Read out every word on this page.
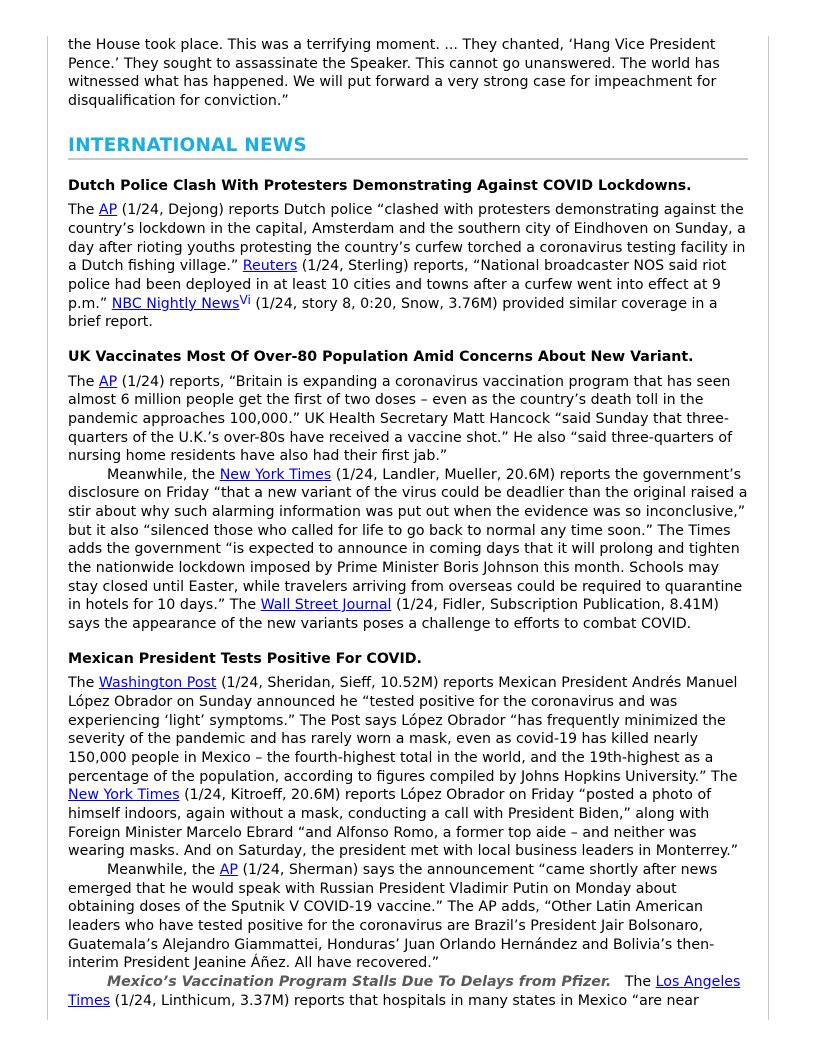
the House took place. This was a terrifying moment. ... They chanted, ‘Hang Vice President Pence.’ They sought to assassinate the Speaker. This cannot go unanswered. The world has witnessed what has happened. We will put forward a very strong case for impeachment for disqualification for conviction.”

INTERNATIONAL NEWS
Dutch Police Clash With Protesters Demonstrating Against COVID Lockdowns.

The AP (1/24, Dejong) reports Dutch police “clashed with protesters demonstrating against the country’s lockdown in the capital, Amsterdam and the southern city of Eindhoven on Sunday, a day after rioting youths protesting the country’s curfew torched a coronavirus testing facility in a Dutch fishing village.” Reuters (1/24, Sterling) reports, “National broadcaster NOS said riot police had been deployed in at least 10 cities and towns after a curfew went into effect at 9 p.m.” NBC Nightly News$^{Vi}$ (1/24, story 8, 0:20, Snow, 3.76M) provided similar coverage in a brief report.

UK Vaccinates Most Of Over-80 Population Amid Concerns About New Variant.

The AP (1/24) reports, “Britain is expanding a coronavirus vaccination program that has seen almost 6 million people get the first of two doses – even as the country’s death toll in the pandemic approaches 100,000.” UK Health Secretary Matt Hancock “said Sunday that three-quarters of the U.K.’s over-80s have received a vaccine shot.” He also “said three-quarters of nursing home residents have also had their first jab.”

Meanwhile, the New York Times (1/24, Landler, Mueller, 20.6M) reports the government’s disclosure on Friday “that a new variant of the virus could be deadlier than the original raised a stir about why such alarming information was put out when the evidence was so inconclusive,” but it also “silenced those who called for life to go back to normal any time soon.” The Times adds the government “is expected to announce in coming days that it will prolong and tighten the nationwide lockdown imposed by Prime Minister Boris Johnson this month. Schools may stay closed until Easter, while travelers arriving from overseas could be required to quarantine in hotels for 10 days.” The Wall Street Journal (1/24, Fidler, Subscription Publication, 8.41M) says the appearance of the new variants poses a challenge to efforts to combat COVID.

Mexican President Tests Positive For COVID.

The Washington Post (1/24, Sheridan, Sieff, 10.52M) reports Mexican President Andrés Manuel López Obrador on Sunday announced he “tested positive for the coronavirus and was experiencing ‘light’ symptoms.” The Post says López Obrador “has frequently minimized the severity of the pandemic and has rarely worn a mask, even as covid-19 has killed nearly 150,000 people in Mexico – the fourth-highest total in the world, and the 19th-highest as a percentage of the population, according to figures compiled by Johns Hopkins University.” The New York Times (1/24, Kitroeff, 20.6M) reports López Obrador on Friday “posted a photo of himself indoors, again without a mask, conducting a call with President Biden,” along with Foreign Minister Marcelo Ebrard “and Alfonso Romo, a former top aide – and neither was wearing masks. And on Saturday, the president met with local business leaders in Monterrey.”

Meanwhile, the AP (1/24, Sherman) says the announcement “came shortly after news emerged that he would speak with Russian President Vladimir Putin on Monday about obtaining doses of the Sputnik V COVID-19 vaccine.” The AP adds, “Other Latin American leaders who have tested positive for the coronavirus are Brazil’s President Jair Bolsonaro, Guatemala’s Alejandro Giammattei, Honduras’ Juan Orlando Hernández and Bolivia’s then-interim President Jeanine Áñez. All have recovered.”

Mexico’s Vaccination Program Stalls Due To Delays from Pfizer.   The Los Angeles Times (1/24, Linthicum, 3.37M) reports that hospitals in many states in Mexico “are near
